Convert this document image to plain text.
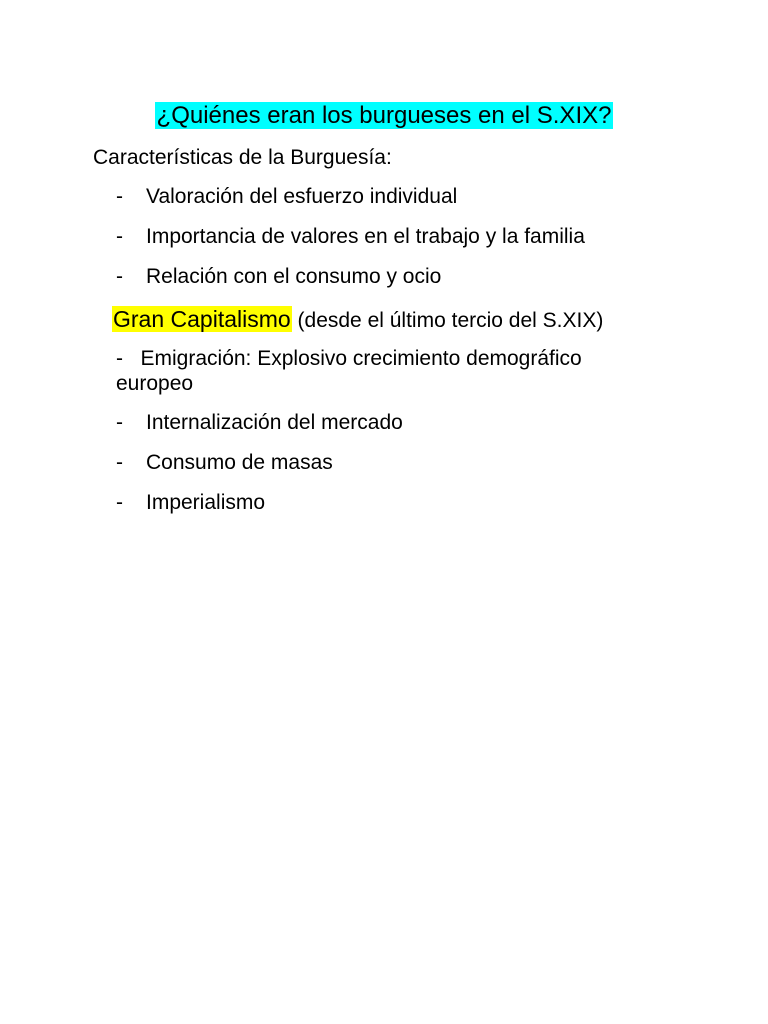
¿Quiénes eran los burgueses en el S.XIX?
Características de la Burguesía:
- Valoración del esfuerzo individual
- Importancia de valores en el trabajo y la familia
- Relación con el consumo y ocio
Gran Capitalismo (desde el último tercio del S.XIX)
- Emigración: Explosivo crecimiento demográfico europeo
- Internalización del mercado
- Consumo de masas
- Imperialismo
